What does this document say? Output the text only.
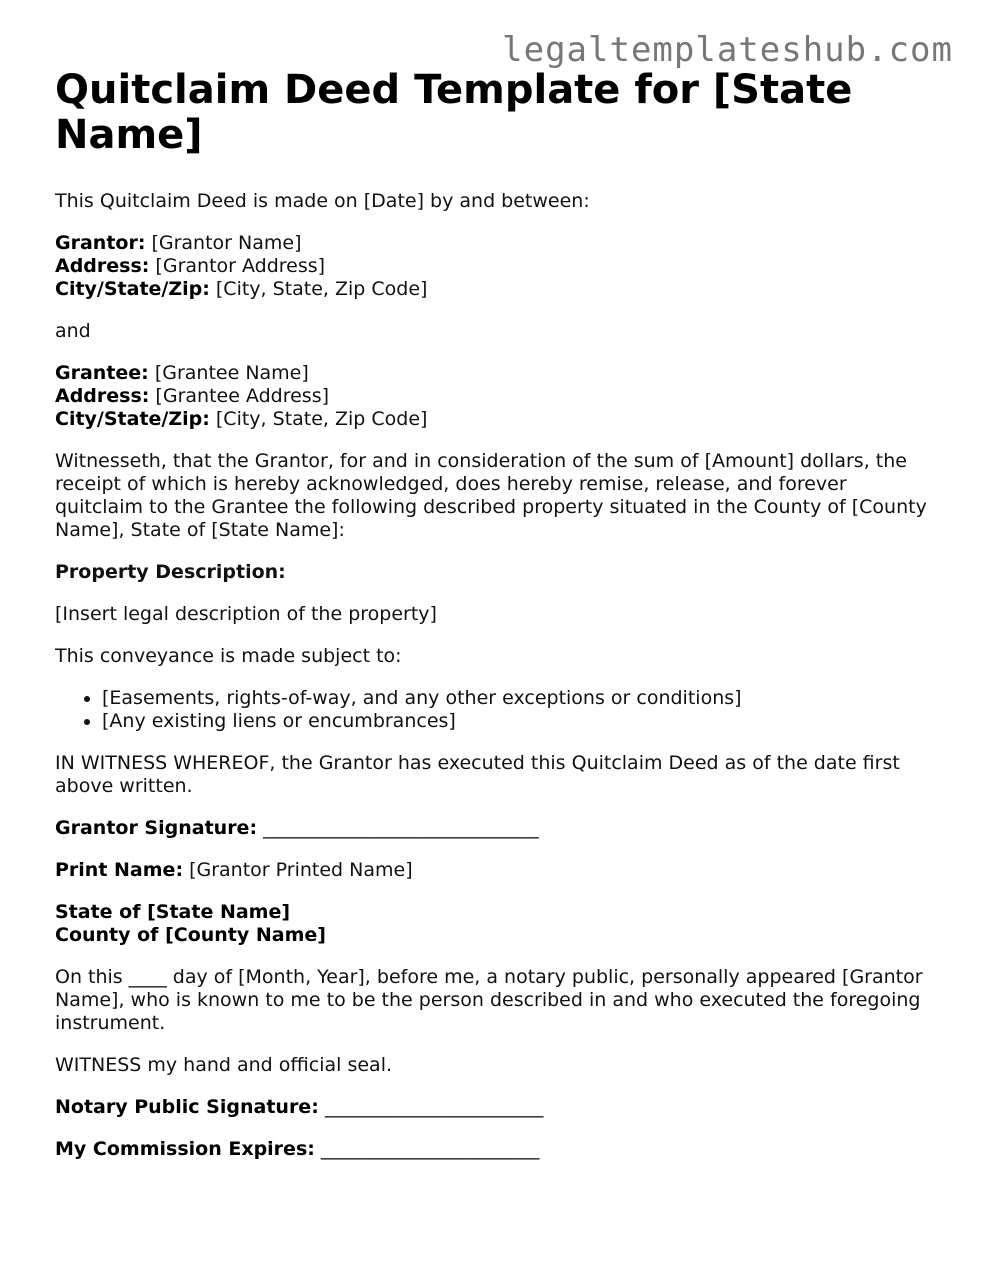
legaltemplateshub.com
Quitclaim Deed Template for [State Name]

This Quitclaim Deed is made on [Date] by and between:

Grantor: [Grantor Name]
Address: [Grantor Address]
City/State/Zip: [City, State, Zip Code]

and

Grantee: [Grantee Name]
Address: [Grantee Address]
City/State/Zip: [City, State, Zip Code]

Witnesseth, that the Grantor, for and in consideration of the sum of [Amount] dollars, the receipt of which is hereby acknowledged, does hereby remise, release, and forever quitclaim to the Grantee the following described property situated in the County of [County Name], State of [State Name]:

Property Description:

[Insert legal description of the property]

This conveyance is made subject to:

• [Easements, rights-of-way, and any other exceptions or conditions]
• [Any existing liens or encumbrances]

IN WITNESS WHEREOF, the Grantor has executed this Quitclaim Deed as of the date first above written.

Grantor Signature: _____________________________

Print Name: [Grantor Printed Name]

State of [State Name]
County of [County Name]

On this ____ day of [Month, Year], before me, a notary public, personally appeared [Grantor Name], who is known to me to be the person described in and who executed the foregoing instrument.

WITNESS my hand and official seal.

Notary Public Signature: _______________________

My Commission Expires: _______________________
